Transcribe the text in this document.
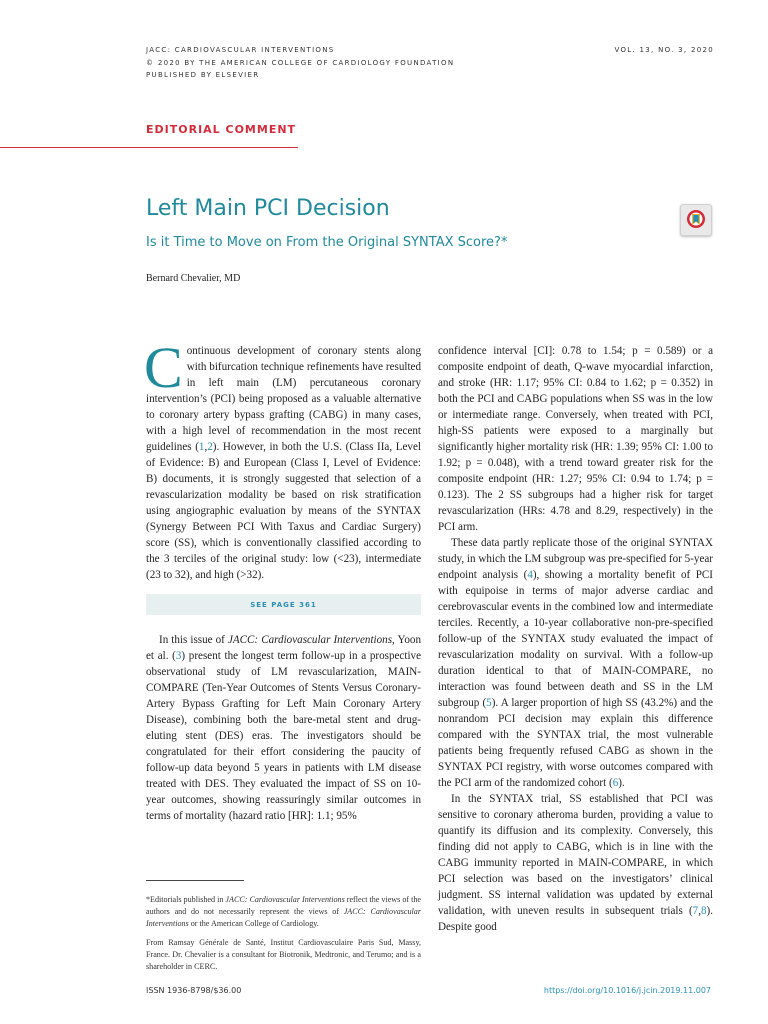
JACC: CARDIOVASCULAR INTERVENTIONS
© 2020 BY THE AMERICAN COLLEGE OF CARDIOLOGY FOUNDATION
PUBLISHED BY ELSEVIER
VOL. 13, NO. 3, 2020
EDITORIAL COMMENT
Left Main PCI Decision
Is it Time to Move on From the Original SYNTAX Score?*
Bernard Chevalier, MD

Continuous development of coronary stents along with bifurcation technique refinements have resulted in left main (LM) percutaneous coronary intervention’s (PCI) being proposed as a valuable alternative to coronary artery bypass grafting (CABG) in many cases, with a high level of recommendation in the most recent guidelines (1,2). However, in both the U.S. (Class IIa, Level of Evidence: B) and European (Class I, Level of Evidence: B) documents, it is strongly suggested that selection of a revascularization modality be based on risk stratification using angiographic evaluation by means of the SYNTAX (Synergy Between PCI With Taxus and Cardiac Surgery) score (SS), which is conventionally classified according to the 3 terciles of the original study: low (<23), intermediate (23 to 32), and high (>32).

SEE PAGE 361

In this issue of JACC: Cardiovascular Interventions, Yoon et al. (3) present the longest term follow-up in a prospective observational study of LM revascularization, MAIN-COMPARE (Ten-Year Outcomes of Stents Versus Coronary-Artery Bypass Grafting for Left Main Coronary Artery Disease), combining both the bare-metal stent and drug-eluting stent (DES) eras. The investigators should be congratulated for their effort considering the paucity of follow-up data beyond 5 years in patients with LM disease treated with DES. They evaluated the impact of SS on 10-year outcomes, showing reassuringly similar outcomes in terms of mortality (hazard ratio [HR]: 1.1; 95%

confidence interval [CI]: 0.78 to 1.54; p = 0.589) or a composite endpoint of death, Q-wave myocardial infarction, and stroke (HR: 1.17; 95% CI: 0.84 to 1.62; p = 0.352) in both the PCI and CABG populations when SS was in the low or intermediate range. Conversely, when treated with PCI, high-SS patients were exposed to a marginally but significantly higher mortality risk (HR: 1.39; 95% CI: 1.00 to 1.92; p = 0.048), with a trend toward greater risk for the composite endpoint (HR: 1.27; 95% CI: 0.94 to 1.74; p = 0.123). The 2 SS subgroups had a higher risk for target revascularization (HRs: 4.78 and 8.29, respectively) in the PCI arm.

These data partly replicate those of the original SYNTAX study, in which the LM subgroup was pre-specified for 5-year endpoint analysis (4), showing a mortality benefit of PCI with equipoise in terms of major adverse cardiac and cerebrovascular events in the combined low and intermediate terciles. Recently, a 10-year collaborative non-pre-specified follow-up of the SYNTAX study evaluated the impact of revascularization modality on survival. With a follow-up duration identical to that of MAIN-COMPARE, no interaction was found between death and SS in the LM subgroup (5). A larger proportion of high SS (43.2%) and the nonrandom PCI decision may explain this difference compared with the SYNTAX trial, the most vulnerable patients being frequently refused CABG as shown in the SYNTAX PCI registry, with worse outcomes compared with the PCI arm of the randomized cohort (6).

In the SYNTAX trial, SS established that PCI was sensitive to coronary atheroma burden, providing a value to quantify its diffusion and its complexity. Conversely, this finding did not apply to CABG, which is in line with the CABG immunity reported in MAIN-COMPARE, in which PCI selection was based on the investigators’ clinical judgment. SS internal validation was updated by external validation, with uneven results in subsequent trials (7,8). Despite good

*Editorials published in JACC: Cardiovascular Interventions reflect the views of the authors and do not necessarily represent the views of JACC: Cardiovascular Interventions or the American College of Cardiology.

From Ramsay Générale de Santé, Institut Cardiovasculaire Paris Sud, Massy, France. Dr. Chevalier is a consultant for Biotronik, Medtronic, and Terumo; and is a shareholder in CERC.

ISSN 1936-8798/$36.00	https://doi.org/10.1016/j.jcin.2019.11.007
